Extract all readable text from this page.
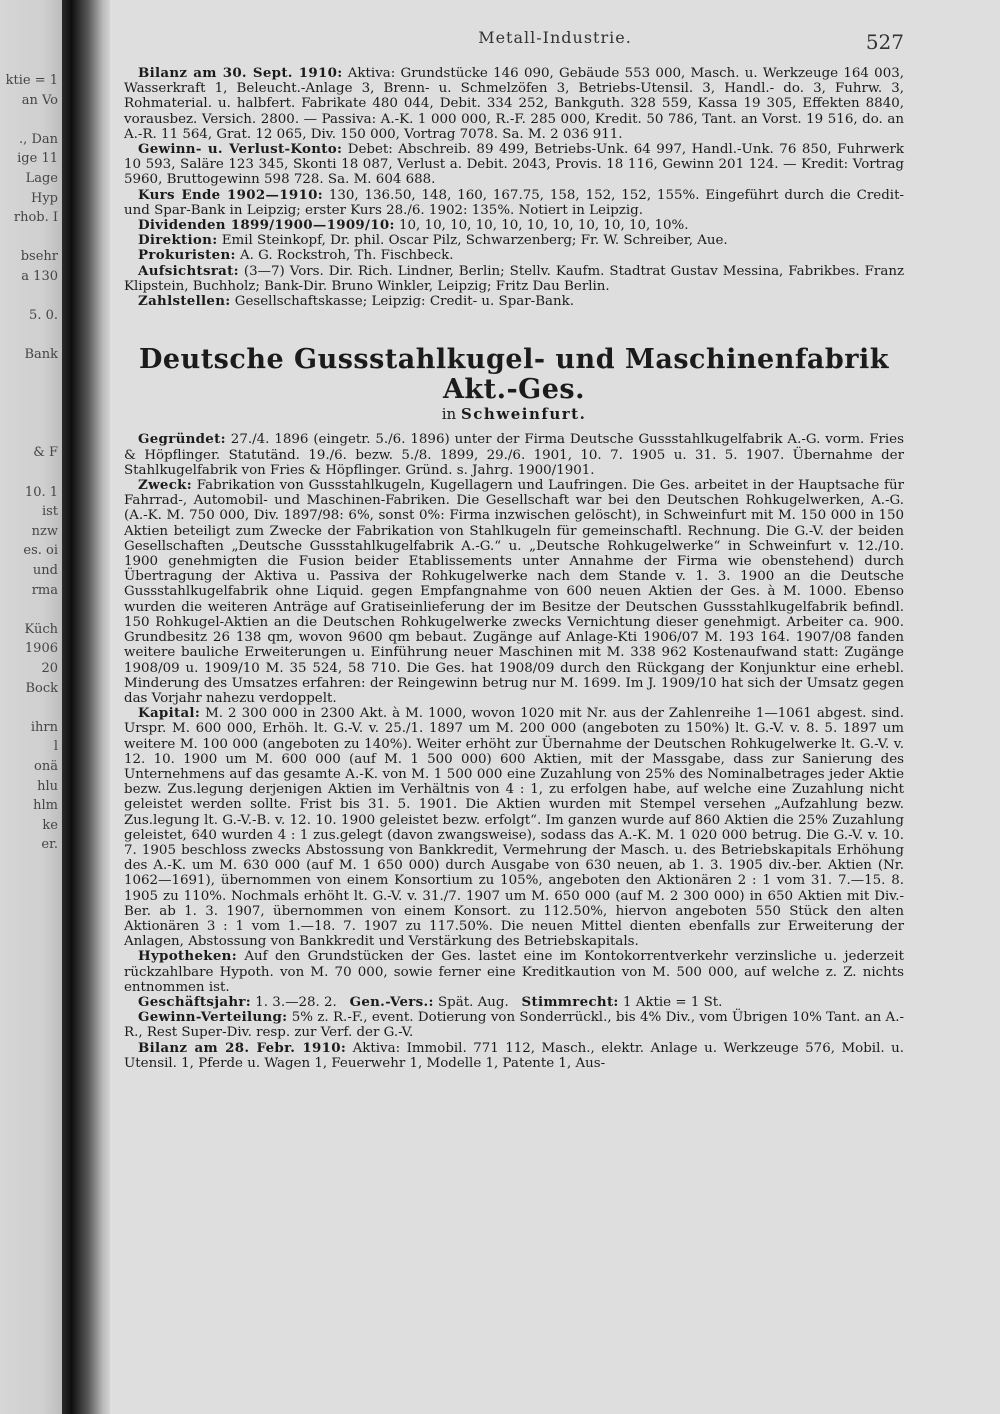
ktie = 1
an Vo
., Dan
ige 11
Lage
Hyp
rhob. I
bsehr
a 130
5. 0.
Bank
& F
10. 1
ist
nzw
es. oi
und
rma
Küch
1906
20
Bock
ihrn
l
onä
hlu
hlm
ke
er.
Metall-Industrie.	527

Bilanz am 30. Sept. 1910: Aktiva: Grundstücke 146 090, Gebäude 553 000, Masch. u. Werkzeuge 164 003, Wasserkraft 1, Beleucht.-Anlage 3, Brenn- u. Schmelzöfen 3, Betriebs-Utensil. 3, Handl.- do. 3, Fuhrw. 3, Rohmaterial. u. halbfert. Fabrikate 480 044, Debit. 334 252, Bankguth. 328 559, Kassa 19 305, Effekten 8840, vorausbez. Versich. 2800. — Passiva: A.-K. 1 000 000, R.-F. 285 000, Kredit. 50 786, Tant. an Vorst. 19 516, do. an A.-R. 11 564, Grat. 12 065, Div. 150 000, Vortrag 7078. Sa. M. 2 036 911.

Gewinn- u. Verlust-Konto: Debet: Abschreib. 89 499, Betriebs-Unk. 64 997, Handl.-Unk. 76 850, Fuhrwerk 10 593, Saläre 123 345, Skonti 18 087, Verlust a. Debit. 2043, Provis. 18 116, Gewinn 201 124. — Kredit: Vortrag 5960, Bruttogewinn 598 728. Sa. M. 604 688.

Kurs Ende 1902—1910: 130, 136.50, 148, 160, 167.75, 158, 152, 152, 155%. Eingeführt durch die Credit- und Spar-Bank in Leipzig; erster Kurs 28./6. 1902: 135%. Notiert in Leipzig.

Dividenden 1899/1900—1909/10: 10, 10, 10, 10, 10, 10, 10, 10, 10, 10, 10%.

Direktion: Emil Steinkopf, Dr. phil. Oscar Pilz, Schwarzenberg; Fr. W. Schreiber, Aue.

Prokuristen: A. G. Rockstroh, Th. Fischbeck.

Aufsichtsrat: (3—7) Vors. Dir. Rich. Lindner, Berlin; Stellv. Kaufm. Stadtrat Gustav Messina, Fabrikbes. Franz Klipstein, Buchholz; Bank-Dir. Bruno Winkler, Leipzig; Fritz Dau Berlin.

Zahlstellen: Gesellschaftskasse; Leipzig: Credit- u. Spar-Bank.

Deutsche Gussstahlkugel- und Maschinenfabrik Akt.-Ges.
in Schweinfurt.

Gegründet: 27./4. 1896 (eingetr. 5./6. 1896) unter der Firma Deutsche Gussstahlkugelfabrik A.-G. vorm. Fries & Höpflinger. Statutänd. 19./6. bezw. 5./8. 1899, 29./6. 1901, 10. 7. 1905 u. 31. 5. 1907. Übernahme der Stahlkugelfabrik von Fries & Höpflinger. Gründ. s. Jahrg. 1900/1901.

Zweck: Fabrikation von Gussstahlkugeln, Kugellagern und Laufringen. Die Ges. arbeitet in der Hauptsache für Fahrrad-, Automobil- und Maschinen-Fabriken. Die Gesellschaft war bei den Deutschen Rohkugelwerken, A.-G. (A.-K. M. 750 000, Div. 1897/98: 6%, sonst 0%: Firma inzwischen gelöscht), in Schweinfurt mit M. 150 000 in 150 Aktien beteiligt zum Zwecke der Fabrikation von Stahlkugeln für gemeinschaftl. Rechnung. Die G.-V. der beiden Gesellschaften „Deutsche Gussstahlkugelfabrik A.-G.“ u. „Deutsche Rohkugelwerke“ in Schweinfurt v. 12./10. 1900 genehmigten die Fusion beider Etablissements unter Annahme der Firma wie obenstehend) durch Übertragung der Aktiva u. Passiva der Rohkugelwerke nach dem Stande v. 1. 3. 1900 an die Deutsche Gussstahlkugelfabrik ohne Liquid. gegen Empfangnahme von 600 neuen Aktien der Ges. à M. 1000. Ebenso wurden die weiteren Anträge auf Gratiseinlieferung der im Besitze der Deutschen Gussstahlkugelfabrik befindl. 150 Rohkugel-Aktien an die Deutschen Rohkugelwerke zwecks Vernichtung dieser genehmigt. Arbeiter ca. 900. Grundbesitz 26 138 qm, wovon 9600 qm bebaut. Zugänge auf Anlage-Kti 1906/07 M. 193 164. 1907/08 fanden weitere bauliche Erweiterungen u. Einführung neuer Maschinen mit M. 338 962 Kostenaufwand statt: Zugänge 1908/09 u. 1909/10 M. 35 524, 58 710. Die Ges. hat 1908/09 durch den Rückgang der Konjunktur eine erhebl. Minderung des Umsatzes erfahren: der Reingewinn betrug nur M. 1699. Im J. 1909/10 hat sich der Umsatz gegen das Vorjahr nahezu verdoppelt.

Kapital: M. 2 300 000 in 2300 Akt. à M. 1000, wovon 1020 mit Nr. aus der Zahlenreihe 1—1061 abgest. sind. Urspr. M. 600 000, Erhöh. lt. G.-V. v. 25./1. 1897 um M. 200 000 (angeboten zu 150%) lt. G.-V. v. 8. 5. 1897 um weitere M. 100 000 (angeboten zu 140%). Weiter erhöht zur Übernahme der Deutschen Rohkugelwerke lt. G.-V. v. 12. 10. 1900 um M. 600 000 (auf M. 1 500 000) 600 Aktien, mit der Massgabe, dass zur Sanierung des Unternehmens auf das gesamte A.-K. von M. 1 500 000 eine Zuzahlung von 25% des Nominalbetrages jeder Aktie bezw. Zus.legung derjenigen Aktien im Verhältnis von 4 : 1, zu erfolgen habe, auf welche eine Zuzahlung nicht geleistet werden sollte. Frist bis 31. 5. 1901. Die Aktien wurden mit Stempel versehen „Aufzahlung bezw. Zus.legung lt. G.-V.-B. v. 12. 10. 1900 geleistet bezw. erfolgt“. Im ganzen wurde auf 860 Aktien die 25% Zuzahlung geleistet, 640 wurden 4 : 1 zus.gelegt (davon zwangsweise), sodass das A.-K. M. 1 020 000 betrug. Die G.-V. v. 10. 7. 1905 beschloss zwecks Abstossung von Bankkredit, Vermehrung der Masch. u. des Betriebskapitals Erhöhung des A.-K. um M. 630 000 (auf M. 1 650 000) durch Ausgabe von 630 neuen, ab 1. 3. 1905 div.-ber. Aktien (Nr. 1062—1691), übernommen von einem Konsortium zu 105%, angeboten den Aktionären 2 : 1 vom 31. 7.—15. 8. 1905 zu 110%. Nochmals erhöht lt. G.-V. v. 31./7. 1907 um M. 650 000 (auf M. 2 300 000) in 650 Aktien mit Div.-Ber. ab 1. 3. 1907, übernommen von einem Konsort. zu 112.50%, hiervon angeboten 550 Stück den alten Aktionären 3 : 1 vom 1.—18. 7. 1907 zu 117.50%. Die neuen Mittel dienten ebenfalls zur Erweiterung der Anlagen, Abstossung von Bankkredit und Verstärkung des Betriebskapitals.

Hypotheken: Auf den Grundstücken der Ges. lastet eine im Kontokorrentverkehr verzinsliche u. jederzeit rückzahlbare Hypoth. von M. 70 000, sowie ferner eine Kreditkaution von M. 500 000, auf welche z. Z. nichts entnommen ist.

Geschäftsjahr: 1. 3.—28. 2. Gen.-Vers.: Spät. Aug. Stimmrecht: 1 Aktie = 1 St.

Gewinn-Verteilung: 5% z. R.-F., event. Dotierung von Sonderrückl., bis 4% Div., vom Übrigen 10% Tant. an A.-R., Rest Super-Div. resp. zur Verf. der G.-V.

Bilanz am 28. Febr. 1910: Aktiva: Immobil. 771 112, Masch., elektr. Anlage u. Werkzeuge 576, Mobil. u. Utensil. 1, Pferde u. Wagen 1, Feuerwehr 1, Modelle 1, Patente 1, Aus-
